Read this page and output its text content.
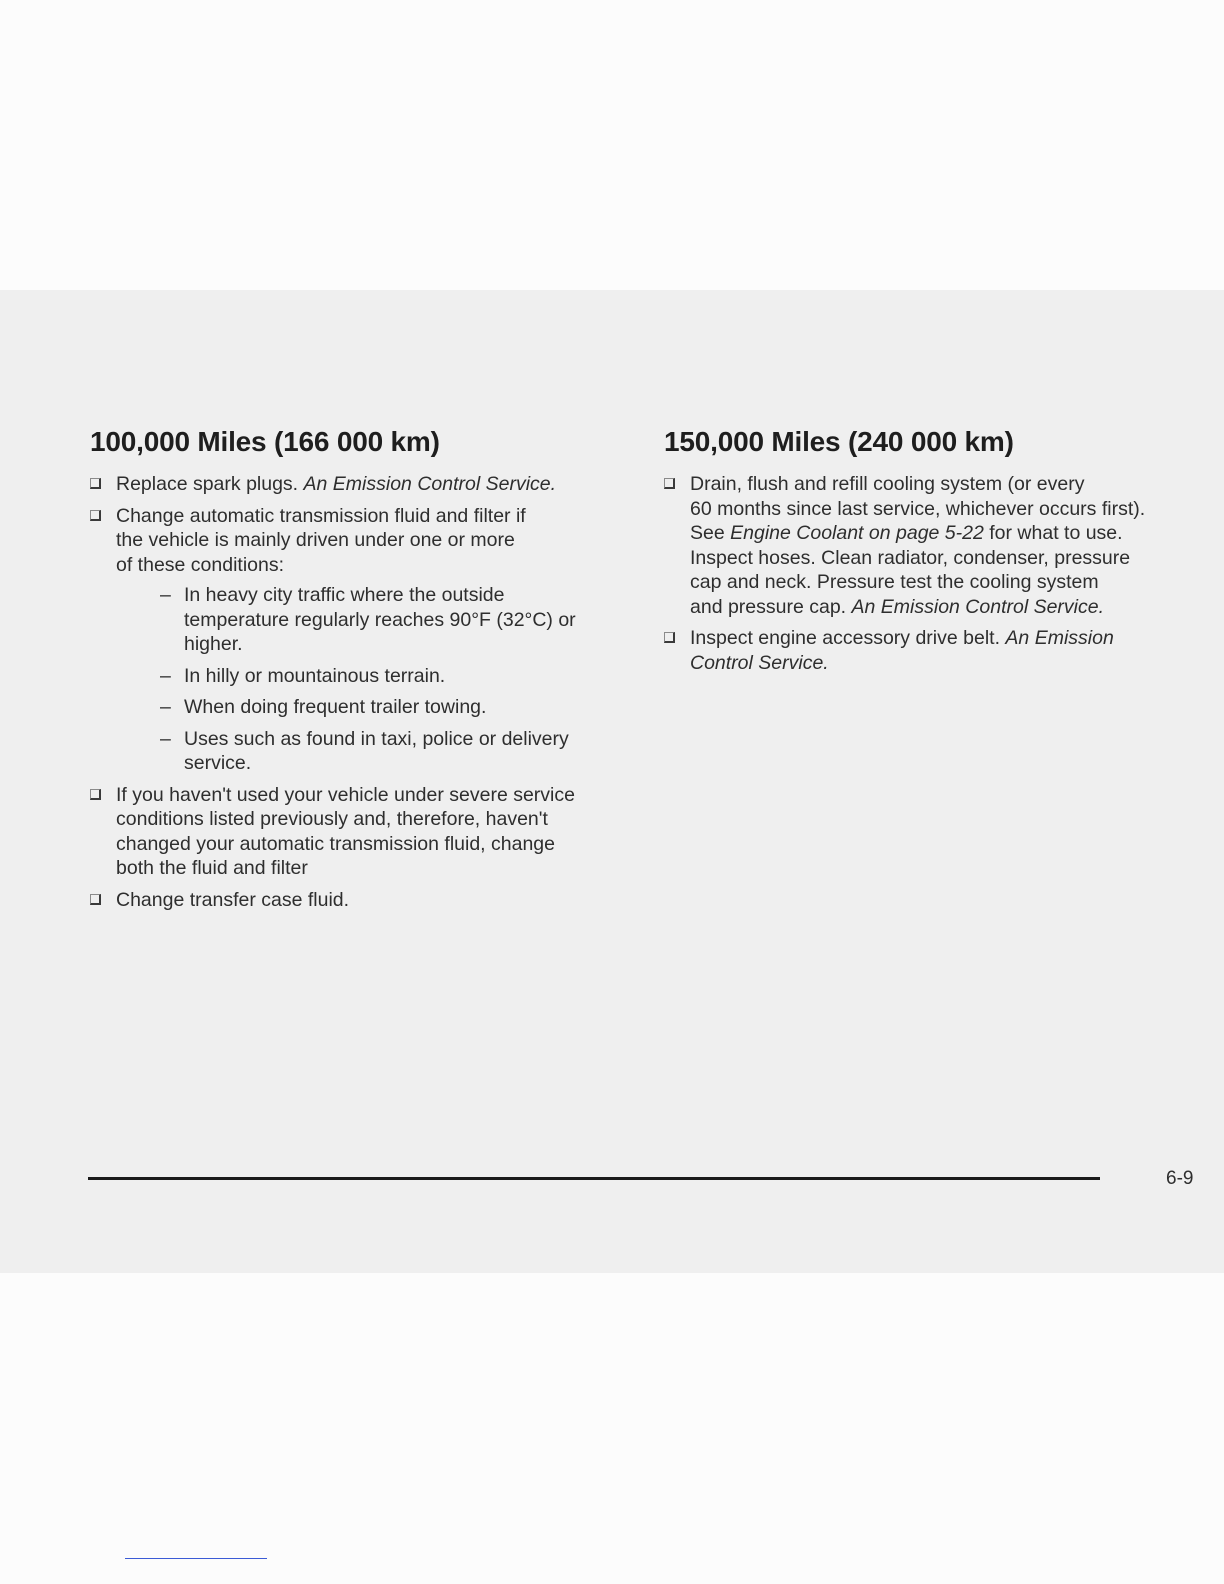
100,000 Miles (166 000 km)
Replace spark plugs. An Emission Control Service.
Change automatic transmission fluid and filter if
the vehicle is mainly driven under one or more
of these conditions:
– In heavy city traffic where the outside
temperature regularly reaches 90°F (32°C) or
higher.
– In hilly or mountainous terrain.
– When doing frequent trailer towing.
– Uses such as found in taxi, police or delivery
service.
If you haven't used your vehicle under severe service
conditions listed previously and, therefore, haven't
changed your automatic transmission fluid, change
both the fluid and filter
Change transfer case fluid.
150,000 Miles (240 000 km)
Drain, flush and refill cooling system (or every
60 months since last service, whichever occurs first).
See Engine Coolant on page 5-22 for what to use.
Inspect hoses. Clean radiator, condenser, pressure
cap and neck. Pressure test the cooling system
and pressure cap. An Emission Control Service.
Inspect engine accessory drive belt. An Emission
Control Service.
6-9
